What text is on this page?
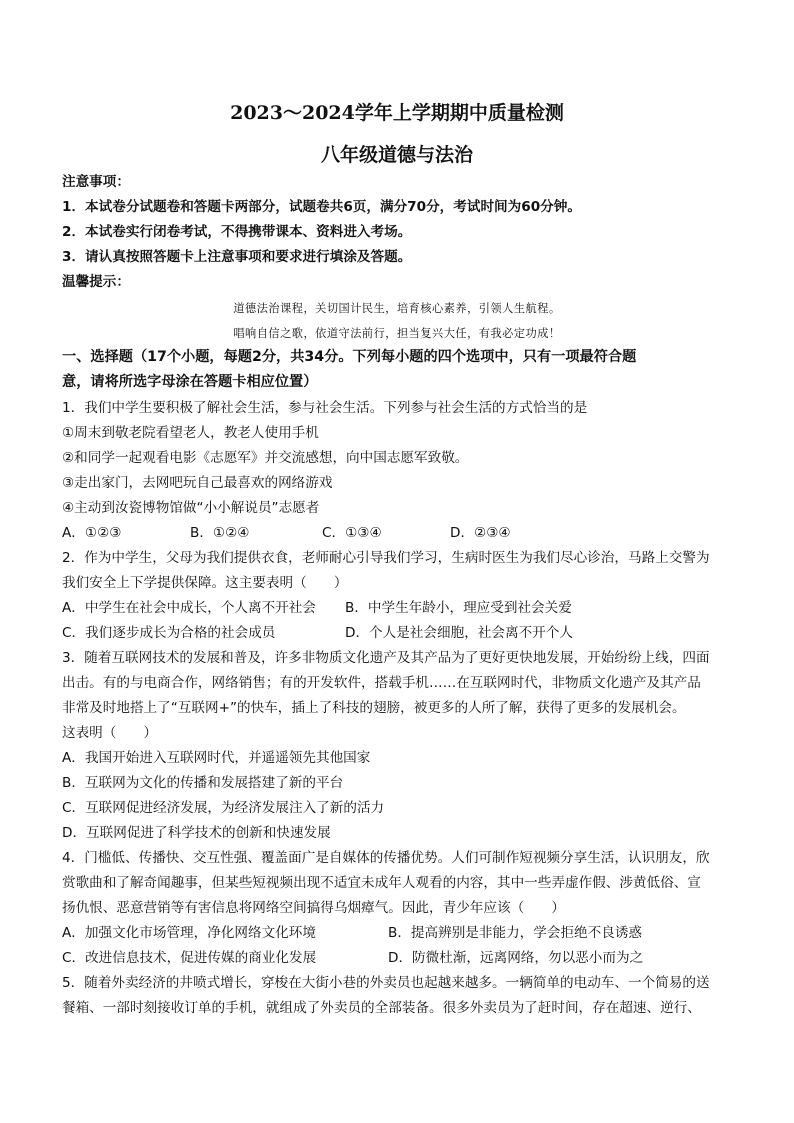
2023～2024学年上学期期中质量检测
八年级道德与法治
注意事项：
1．本试卷分试题卷和答题卡两部分，试题卷共6页，满分70分，考试时间为60分钟。
2．本试卷实行闭卷考试，不得携带课本、资料进入考场。
3．请认真按照答题卡上注意事项和要求进行填涂及答题。
温馨提示：
道德法治课程，关切国计民生，培育核心素养，引领人生航程。
唱响自信之歌，依道守法前行，担当复兴大任，有我必定功成！
一、选择题（17个小题，每题2分，共34分。下列每小题的四个选项中，只有一项最符合题
意，请将所选字母涂在答题卡相应位置）
1．我们中学生要积极了解社会生活，参与社会生活。下列参与社会生活的方式恰当的是
①周末到敬老院看望老人，教老人使用手机
②和同学一起观看电影《志愿军》并交流感想，向中国志愿军致敬。
③走出家门，去网吧玩自己最喜欢的网络游戏
④主动到汝瓷博物馆做“小小解说员”志愿者
A．①②③	B．①②④	C．①③④	D．②③④
2．作为中学生，父母为我们提供衣食，老师耐心引导我们学习，生病时医生为我们尽心诊治，马路上交警为
我们安全上下学提供保障。这主要表明（　　）
A．中学生在社会中成长，个人离不开社会 B．中学生年龄小，理应受到社会关爱
C．我们逐步成长为合格的社会成员	D．个人是社会细胞，社会离不开个人
3．随着互联网技术的发展和普及，许多非物质文化遗产及其产品为了更好更快地发展，开始纷纷上线，四面
出击。有的与电商合作，网络销售；有的开发软件，搭载手机……在互联网时代，非物质文化遗产及其产品
非常及时地搭上了“互联网+”的快车，插上了科技的翅膀，被更多的人所了解，获得了更多的发展机会。
这表明（　　）
A．我国开始进入互联网时代，并遥遥领先其他国家
B．互联网为文化的传播和发展搭建了新的平台
C．互联网促进经济发展，为经济发展注入了新的活力
D．互联网促进了科学技术的创新和快速发展
4．门槛低、传播快、交互性强、覆盖面广是自媒体的传播优势。人们可制作短视频分享生活，认识朋友，欣
赏歌曲和了解奇闻趣事，但某些短视频出现不适宜未成年人观看的内容，其中一些弄虚作假、涉黄低俗、宣
扬仇恨、恶意营销等有害信息将网络空间搞得乌烟瘴气。因此，青少年应该（　　）
A．加强文化市场管理，净化网络文化环境	B．提高辨别是非能力，学会拒绝不良诱惑
C．改进信息技术，促进传媒的商业化发展	D．防微杜渐，远离网络，勿以恶小而为之
5．随着外卖经济的井喷式增长，穿梭在大街小巷的外卖员也起越来越多。一辆简单的电动车、一个简易的送
餐箱、一部时刻接收订单的手机，就组成了外卖员的全部装备。很多外卖员为了赶时间，存在超速、逆行、
